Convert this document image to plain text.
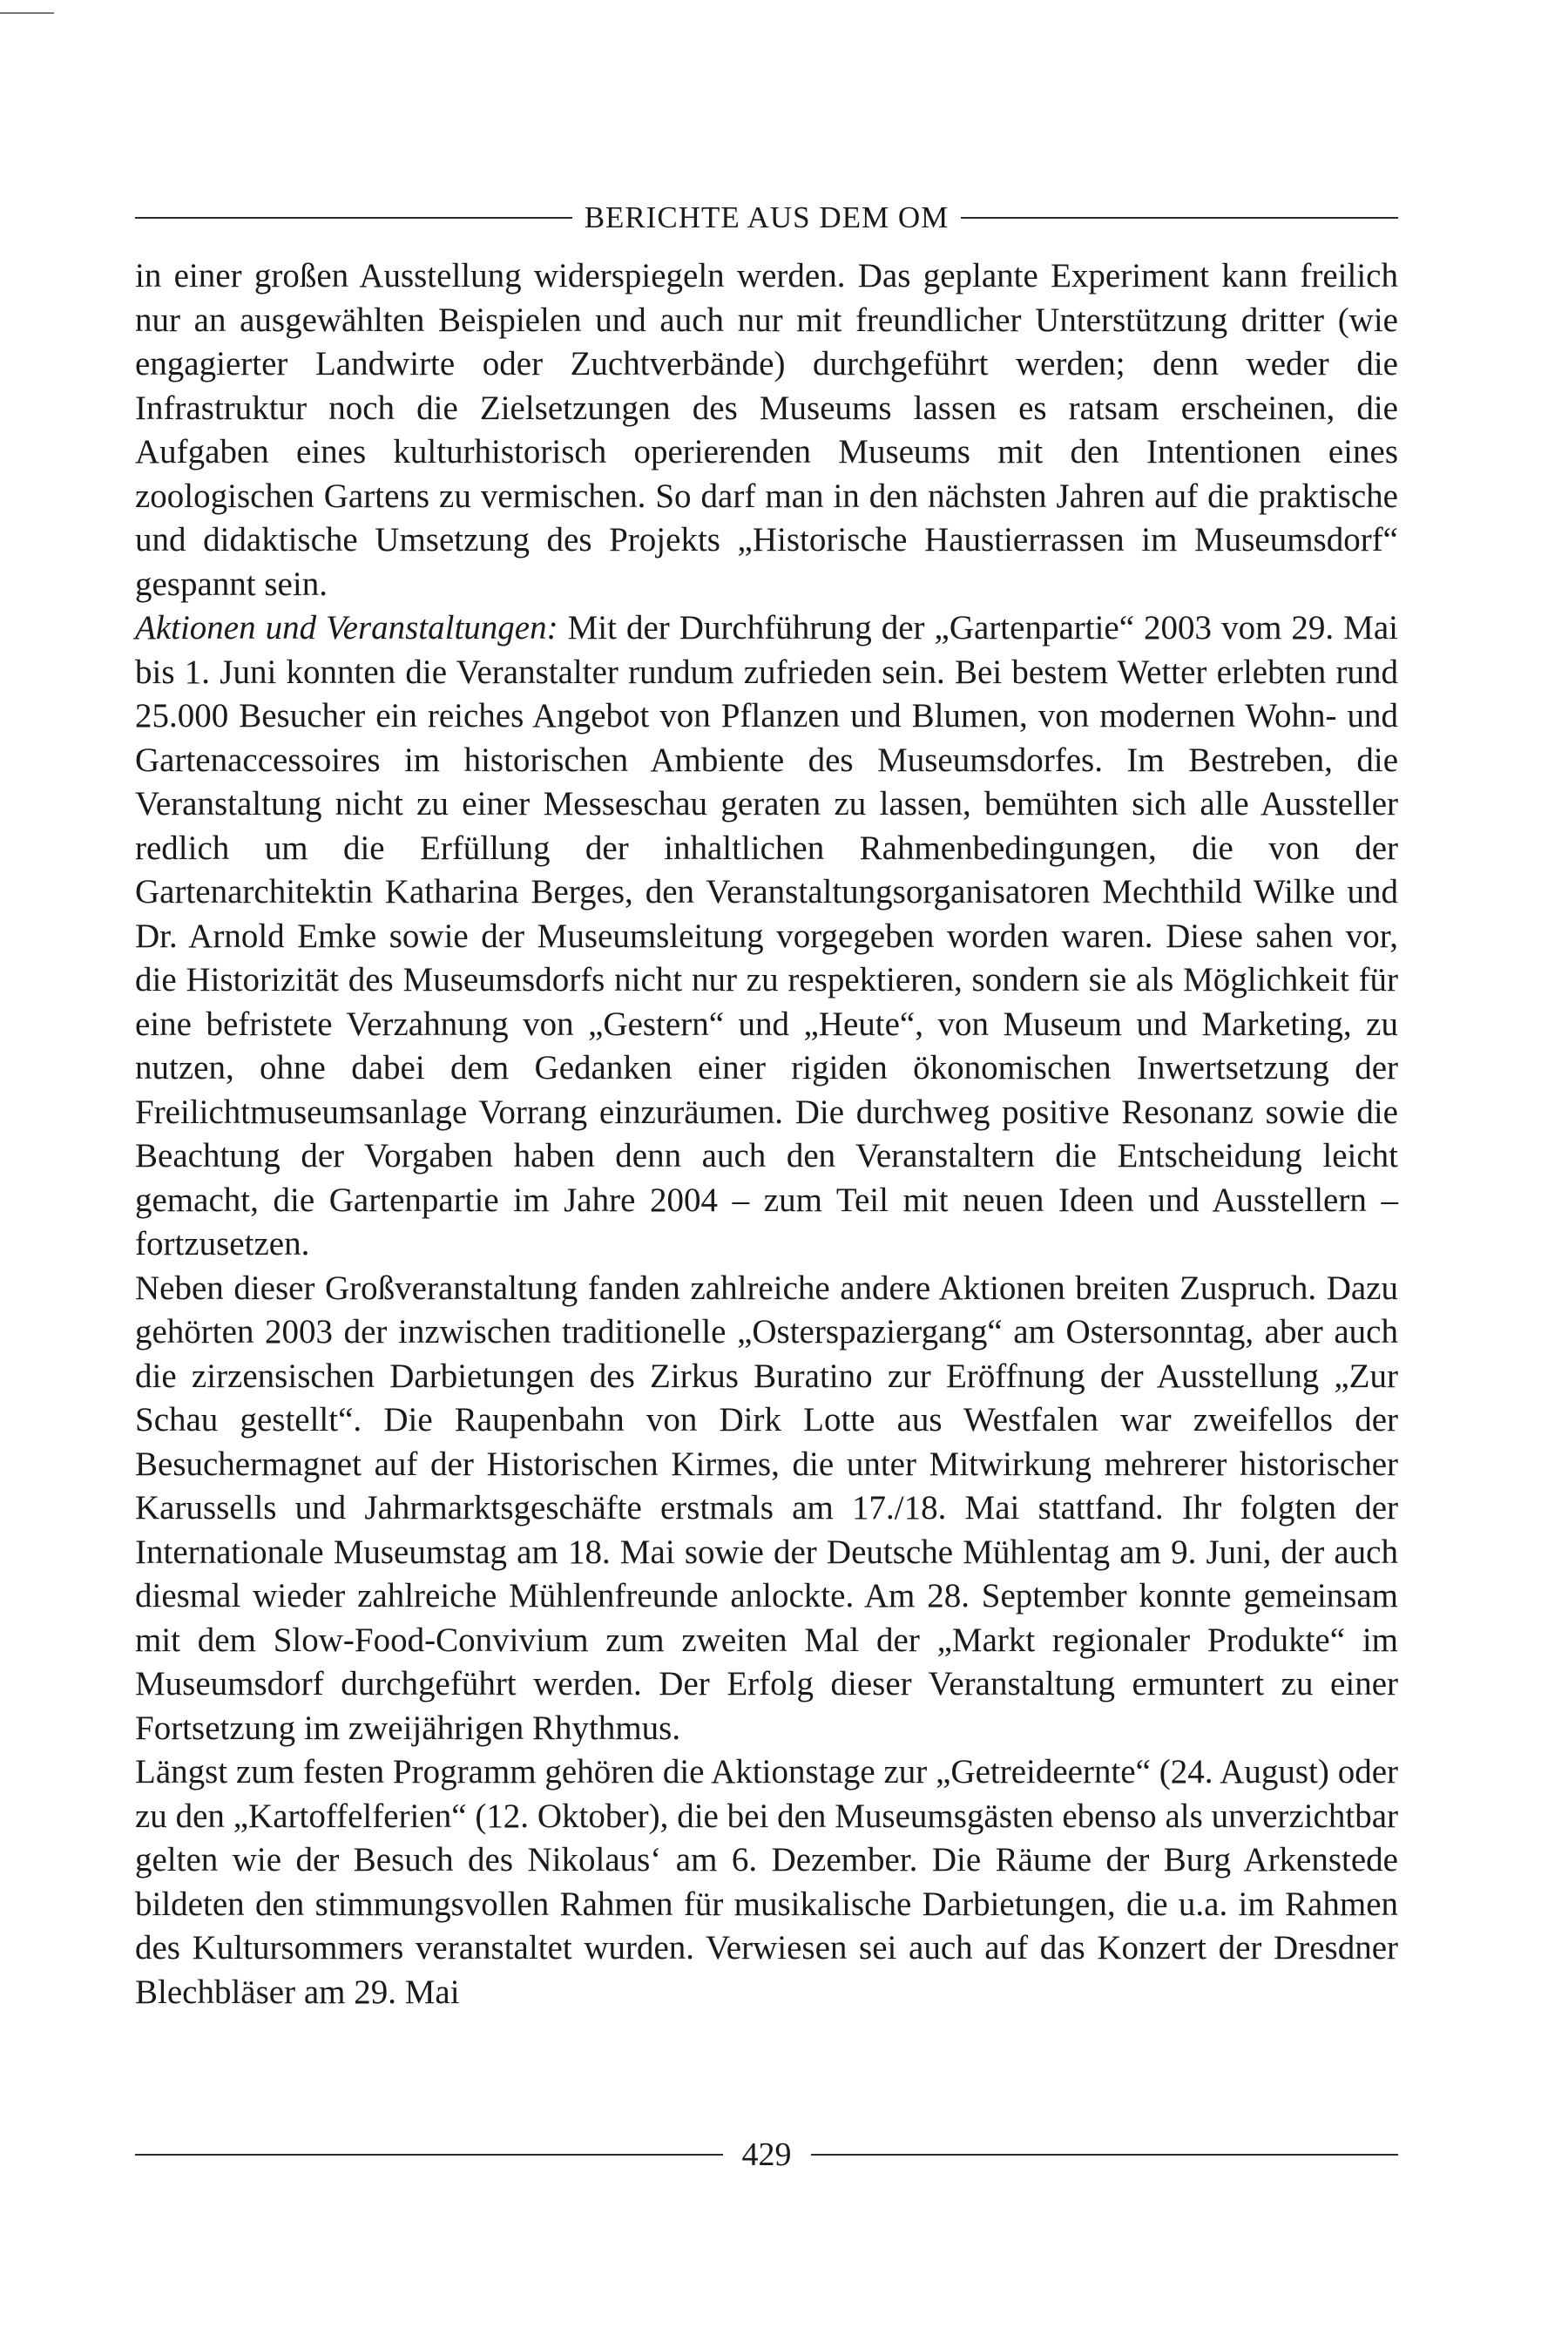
BERICHTE AUS DEM OM

in einer großen Ausstellung widerspiegeln werden. Das geplante Experiment kann freilich nur an ausgewählten Beispielen und auch nur mit freundlicher Unterstützung dritter (wie engagierter Landwirte oder Zuchtverbände) durchgeführt werden; denn weder die Infrastruktur noch die Zielsetzungen des Museums lassen es ratsam erscheinen, die Aufgaben eines kulturhistorisch operierenden Museums mit den Intentionen eines zoologischen Gartens zu vermischen. So darf man in den nächsten Jahren auf die praktische und didaktische Umsetzung des Projekts „Historische Haustierrassen im Museumsdorf“ gespannt sein.

Aktionen und Veranstaltungen: Mit der Durchführung der „Gartenpartie“ 2003 vom 29. Mai bis 1. Juni konnten die Veranstalter rundum zufrieden sein. Bei bestem Wetter erlebten rund 25.000 Besucher ein reiches Angebot von Pflanzen und Blumen, von modernen Wohn- und Gartenaccessoires im historischen Ambiente des Museumsdorfes. Im Bestreben, die Veranstaltung nicht zu einer Messeschau geraten zu lassen, bemühten sich alle Aussteller redlich um die Erfüllung der inhaltlichen Rahmenbedingungen, die von der Gartenarchitektin Katharina Berges, den Veranstaltungsorganisatoren Mechthild Wilke und Dr. Arnold Emke sowie der Museumsleitung vorgegeben worden waren. Diese sahen vor, die Historizität des Museumsdorfs nicht nur zu respektieren, sondern sie als Möglichkeit für eine befristete Verzahnung von „Gestern“ und „Heute“, von Museum und Marketing, zu nutzen, ohne dabei dem Gedanken einer rigiden ökonomischen Inwertsetzung der Freilichtmuseumsanlage Vorrang einzuräumen. Die durchweg positive Resonanz sowie die Beachtung der Vorgaben haben denn auch den Veranstaltern die Entscheidung leicht gemacht, die Gartenpartie im Jahre 2004 – zum Teil mit neuen Ideen und Ausstellern – fortzusetzen.

Neben dieser Großveranstaltung fanden zahlreiche andere Aktionen breiten Zuspruch. Dazu gehörten 2003 der inzwischen traditionelle „Osterspaziergang“ am Ostersonntag, aber auch die zirzensischen Darbietungen des Zirkus Buratino zur Eröffnung der Ausstellung „Zur Schau gestellt“. Die Raupenbahn von Dirk Lotte aus Westfalen war zweifellos der Besuchermagnet auf der Historischen Kirmes, die unter Mitwirkung mehrerer historischer Karussells und Jahrmarktsgeschäfte erstmals am 17./18. Mai stattfand. Ihr folgten der Internationale Museumstag am 18. Mai sowie der Deutsche Mühlentag am 9. Juni, der auch diesmal wieder zahlreiche Mühlenfreunde anlockte. Am 28. September konnte gemeinsam mit dem Slow-Food-Convivium zum zweiten Mal der „Markt regionaler Produkte“ im Museumsdorf durchgeführt werden. Der Erfolg dieser Veranstaltung ermuntert zu einer Fortsetzung im zweijährigen Rhythmus.

Längst zum festen Programm gehören die Aktionstage zur „Getreideernte“ (24. August) oder zu den „Kartoffelferien“ (12. Oktober), die bei den Museumsgästen ebenso als unverzichtbar gelten wie der Besuch des Nikolaus‘ am 6. Dezember. Die Räume der Burg Arkenstede bildeten den stimmungsvollen Rahmen für musikalische Darbietungen, die u.a. im Rahmen des Kultursommers veranstaltet wurden. Verwiesen sei auch auf das Konzert der Dresdner Blechbläser am 29. Mai

429
